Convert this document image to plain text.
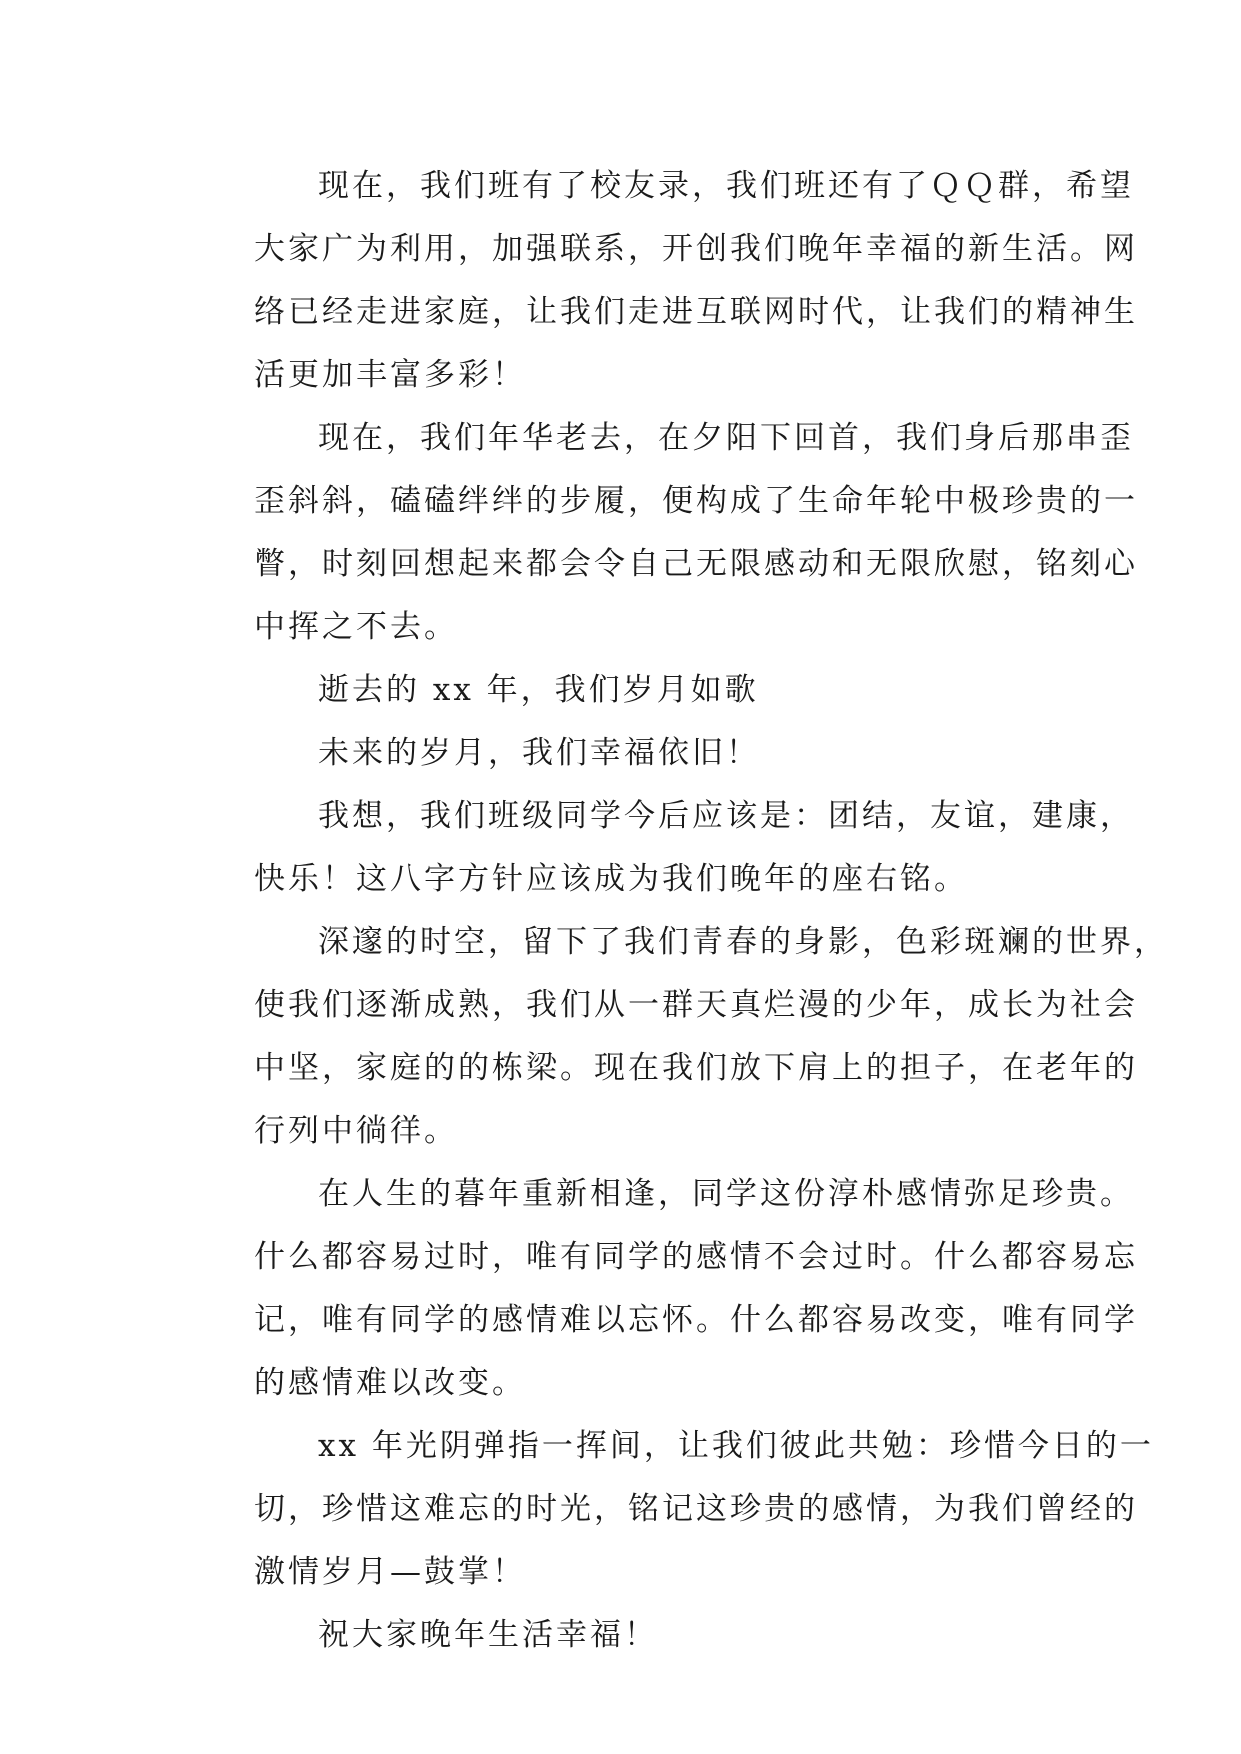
现在，我们班有了校友录，我们班还有了ＱＱ群，希望
大家广为利用，加强联系，开创我们晚年幸福的新生活。网
络已经走进家庭，让我们走进互联网时代，让我们的精神生
活更加丰富多彩！

现在，我们年华老去，在夕阳下回首，我们身后那串歪
歪斜斜，磕磕绊绊的步履，便构成了生命年轮中极珍贵的一
瞥，时刻回想起来都会令自己无限感动和无限欣慰，铭刻心
中挥之不去。

逝去的 xx 年，我们岁月如歌

未来的岁月，我们幸福依旧！

我想，我们班级同学今后应该是：团结，友谊，建康，
快乐！这八字方针应该成为我们晚年的座右铭。

深邃的时空，留下了我们青春的身影，色彩斑斓的世界，
使我们逐渐成熟，我们从一群天真烂漫的少年，成长为社会
中坚，家庭的的栋梁。现在我们放下肩上的担子，在老年的
行列中徜徉。

在人生的暮年重新相逢，同学这份淳朴感情弥足珍贵。
什么都容易过时，唯有同学的感情不会过时。什么都容易忘
记，唯有同学的感情难以忘怀。什么都容易改变，唯有同学
的感情难以改变。

xx 年光阴弹指一挥间，让我们彼此共勉：珍惜今日的一
切，珍惜这难忘的时光，铭记这珍贵的感情，为我们曾经的
激情岁月—鼓掌！

祝大家晚年生活幸福！
